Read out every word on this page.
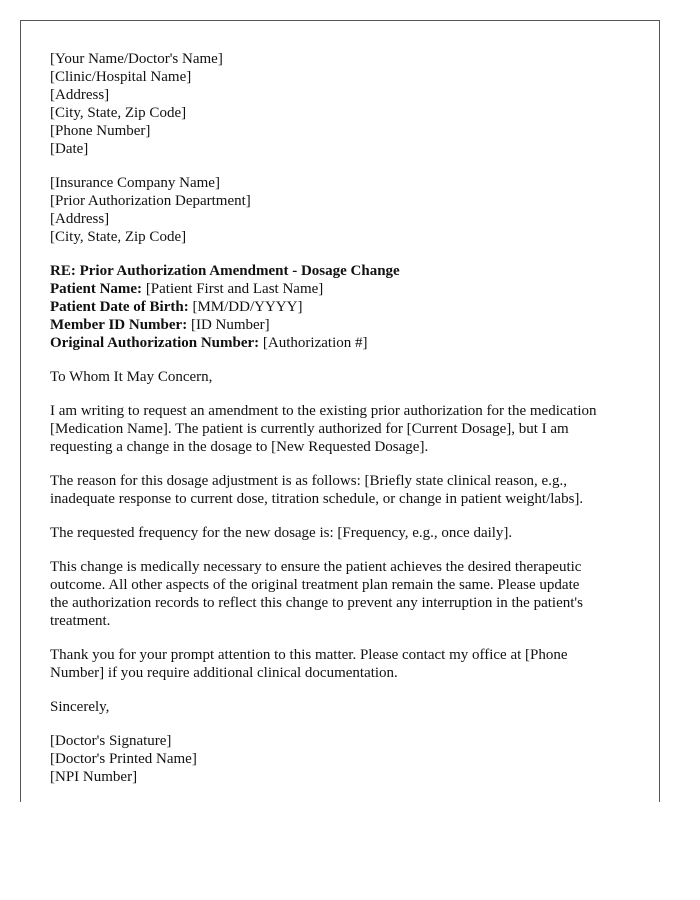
[Your Name/Doctor's Name]
[Clinic/Hospital Name]
[Address]
[City, State, Zip Code]
[Phone Number]
[Date]
[Insurance Company Name]
[Prior Authorization Department]
[Address]
[City, State, Zip Code]
RE: Prior Authorization Amendment - Dosage Change
Patient Name: [Patient First and Last Name]
Patient Date of Birth: [MM/DD/YYYY]
Member ID Number: [ID Number]
Original Authorization Number: [Authorization #]

To Whom It May Concern,

I am writing to request an amendment to the existing prior authorization for the medication
[Medication Name]. The patient is currently authorized for [Current Dosage], but I am
requesting a change in the dosage to [New Requested Dosage].

The reason for this dosage adjustment is as follows: [Briefly state clinical reason, e.g.,
inadequate response to current dose, titration schedule, or change in patient weight/labs].

The requested frequency for the new dosage is: [Frequency, e.g., once daily].

This change is medically necessary to ensure the patient achieves the desired therapeutic
outcome. All other aspects of the original treatment plan remain the same. Please update
the authorization records to reflect this change to prevent any interruption in the patient's
treatment.

Thank you for your prompt attention to this matter. Please contact my office at [Phone
Number] if you require additional clinical documentation.

Sincerely,

[Doctor's Signature]
[Doctor's Printed Name]
[NPI Number]
